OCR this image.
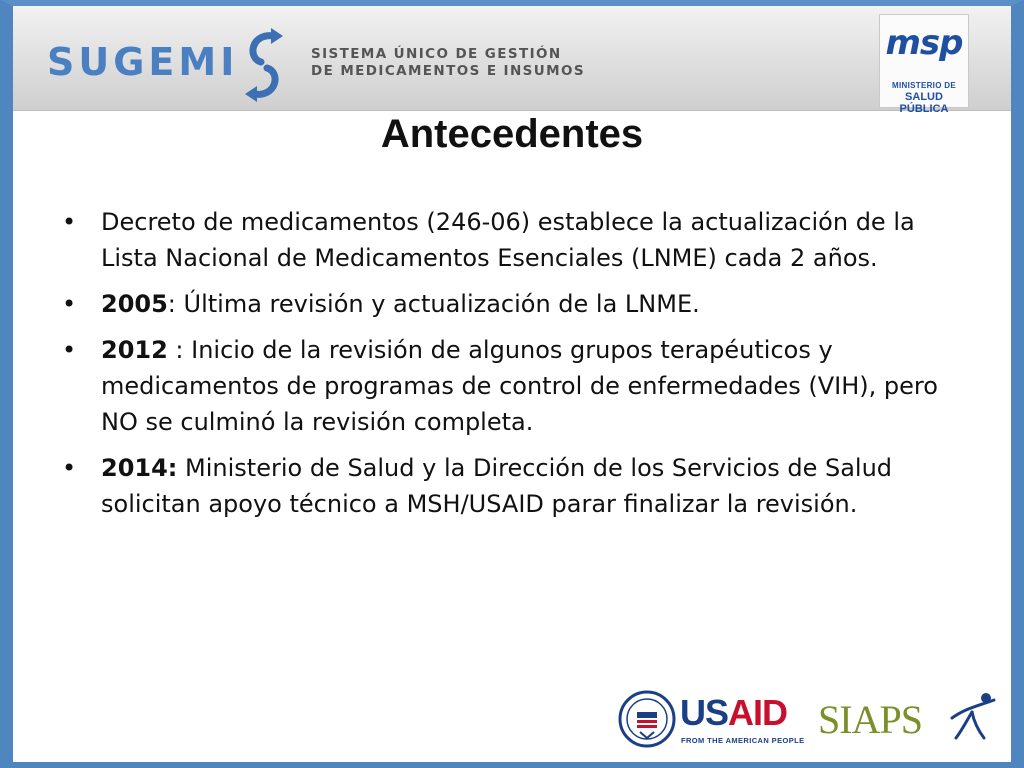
SUGEMI	SISTEMA ÚNICO DE GESTIÓN
DE MEDICAMENTOS E INSUMOS
msp
MINISTERIO DE
SALUD PÚBLICA
Antecedentes
• Decreto de medicamentos (246-06) establece la actualización de la Lista Nacional de Medicamentos Esenciales (LNME) cada 2 años.
• 2005: Última revisión y actualización de la LNME.
• 2012 : Inicio de la revisión de algunos grupos terapéuticos y medicamentos de programas de control de enfermedades (VIH), pero NO se culminó la revisión completa.
• 2014: Ministerio de Salud y la Dirección de los Servicios de Salud solicitan apoyo técnico a MSH/USAID parar finalizar la revisión.
USAID
FROM THE AMERICAN PEOPLE SIAPS
